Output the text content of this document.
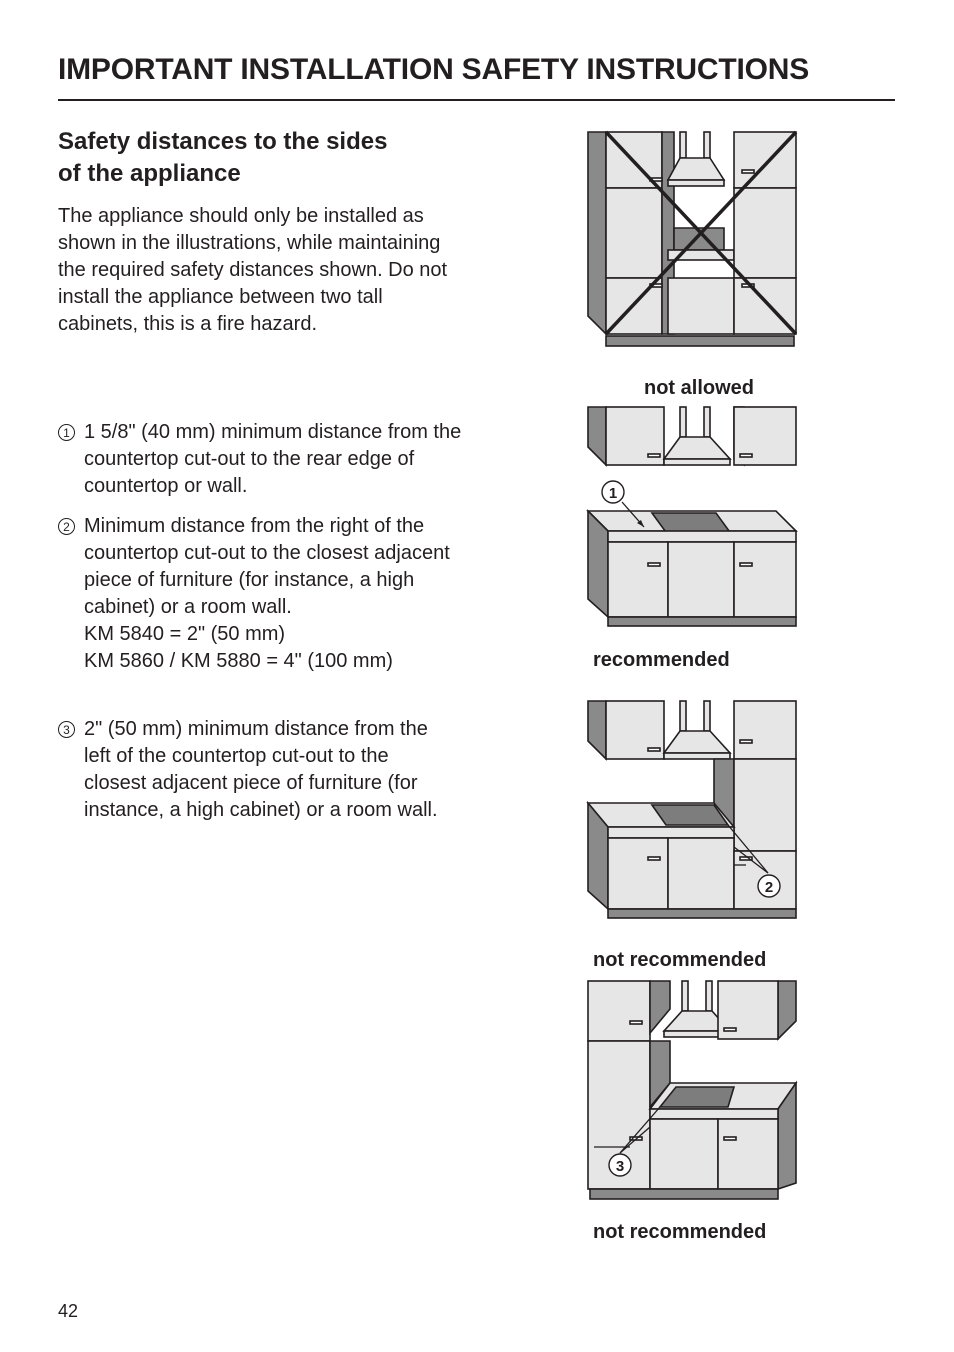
IMPORTANT INSTALLATION SAFETY INSTRUCTIONS
Safety distances to the sides
of the appliance

The appliance should only be installed as shown in the illustrations, while maintaining the required safety distances shown. Do not install the appliance between two tall cabinets, this is a fire hazard.

1 1 5/8" (40 mm) minimum distance from the countertop cut-out to the rear edge of countertop or wall.
2 Minimum distance from the right of the countertop cut-out to the closest adjacent piece of furniture (for instance, a high cabinet) or a room wall.
KM 5840 = 2" (50 mm)
KM 5860 / KM 5880 = 4" (100 mm)
3 2" (50 mm) minimum distance from the left of the countertop cut-out to the closest adjacent piece of furniture (for instance, a high cabinet) or a room wall.
not allowed
1
recommended
2
not recommended
3
not recommended
42
